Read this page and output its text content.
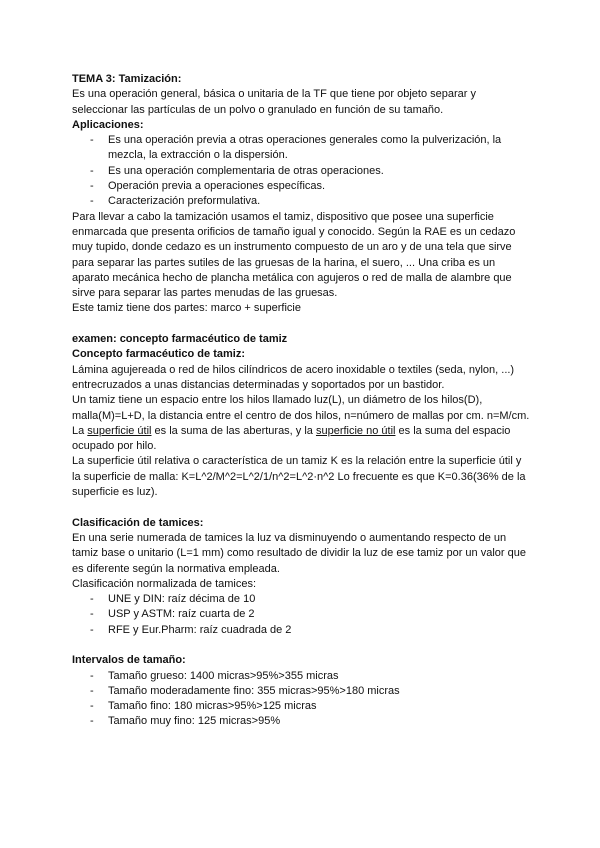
TEMA 3: Tamización:

Es una operación general, básica o unitaria de la TF que tiene por objeto separar y seleccionar las partículas de un polvo o granulado en función de su tamaño.

Aplicaciones:

- Es una operación previa a otras operaciones generales como la pulverización, la mezcla, la extracción o la dispersión.
- Es una operación complementaria de otras operaciones.
- Operación previa a operaciones específicas.
- Caracterización preformulativa.

Para llevar a cabo la tamización usamos el tamiz, dispositivo que posee una superficie enmarcada que presenta orificios de tamaño igual y conocido. Según la RAE es un cedazo muy tupido, donde cedazo es un instrumento compuesto de un aro y de una tela que sirve para separar las partes sutiles de las gruesas de la harina, el suero, ... Una criba es un aparato mecánica hecho de plancha metálica con agujeros o red de malla de alambre que sirve para separar las partes menudas de las gruesas.

Este tamiz tiene dos partes: marco + superficie

examen: concepto farmacéutico de tamiz

Concepto farmacéutico de tamiz:

Lámina agujereada o red de hilos cilíndricos de acero inoxidable o textiles (seda, nylon, ...) entrecruzados a unas distancias determinadas y soportados por un bastidor.

Un tamiz tiene un espacio entre los hilos llamado luz(L), un diámetro de los hilos(D), malla(M)=L+D, la distancia entre el centro de dos hilos, n=número de mallas por cm. n=M/cm.

La superficie útil es la suma de las aberturas, y la superficie no útil es la suma del espacio ocupado por hilo.

La superficie útil relativa o característica de un tamiz K es la relación entre la superficie útil y la superficie de malla: K=L^2/M^2=L^2/1/n^2=L^2·n^2 Lo frecuente es que K=0.36(36% de la superficie es luz).

Clasificación de tamices:

En una serie numerada de tamices la luz va disminuyendo o aumentando respecto de un tamiz base o unitario (L=1 mm) como resultado de dividir la luz de ese tamiz por un valor que es diferente según la normativa empleada.

Clasificación normalizada de tamices:

- UNE y DIN: raíz décima de 10
- USP y ASTM: raíz cuarta de 2
- RFE y Eur.Pharm: raíz cuadrada de 2

Intervalos de tamaño:

- Tamaño grueso: 1400 micras>95%>355 micras
- Tamaño moderadamente fino: 355 micras>95%>180 micras
- Tamaño fino: 180 micras>95%>125 micras
- Tamaño muy fino: 125 micras>95%
